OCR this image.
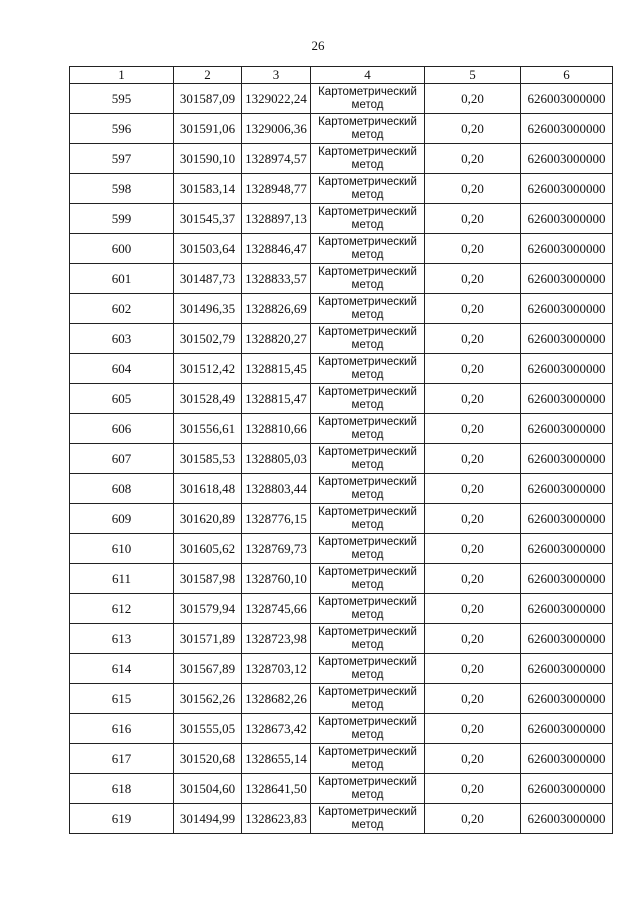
26
1	2	3	4	5	6
595	301587,09	1329022,24	Картометрический метод	0,20	626003000000
596	301591,06	1329006,36	Картометрический метод	0,20	626003000000
597	301590,10	1328974,57	Картометрический метод	0,20	626003000000
598	301583,14	1328948,77	Картометрический метод	0,20	626003000000
599	301545,37	1328897,13	Картометрический метод	0,20	626003000000
600	301503,64	1328846,47	Картометрический метод	0,20	626003000000
601	301487,73	1328833,57	Картометрический метод	0,20	626003000000
602	301496,35	1328826,69	Картометрический метод	0,20	626003000000
603	301502,79	1328820,27	Картометрический метод	0,20	626003000000
604	301512,42	1328815,45	Картометрический метод	0,20	626003000000
605	301528,49	1328815,47	Картометрический метод	0,20	626003000000
606	301556,61	1328810,66	Картометрический метод	0,20	626003000000
607	301585,53	1328805,03	Картометрический метод	0,20	626003000000
608	301618,48	1328803,44	Картометрический метод	0,20	626003000000
609	301620,89	1328776,15	Картометрический метод	0,20	626003000000
610	301605,62	1328769,73	Картометрический метод	0,20	626003000000
611	301587,98	1328760,10	Картометрический метод	0,20	626003000000
612	301579,94	1328745,66	Картометрический метод	0,20	626003000000
613	301571,89	1328723,98	Картометрический метод	0,20	626003000000
614	301567,89	1328703,12	Картометрический метод	0,20	626003000000
615	301562,26	1328682,26	Картометрический метод	0,20	626003000000
616	301555,05	1328673,42	Картометрический метод	0,20	626003000000
617	301520,68	1328655,14	Картометрический метод	0,20	626003000000
618	301504,60	1328641,50	Картометрический метод	0,20	626003000000
619	301494,99	1328623,83	Картометрический метод	0,20	626003000000
